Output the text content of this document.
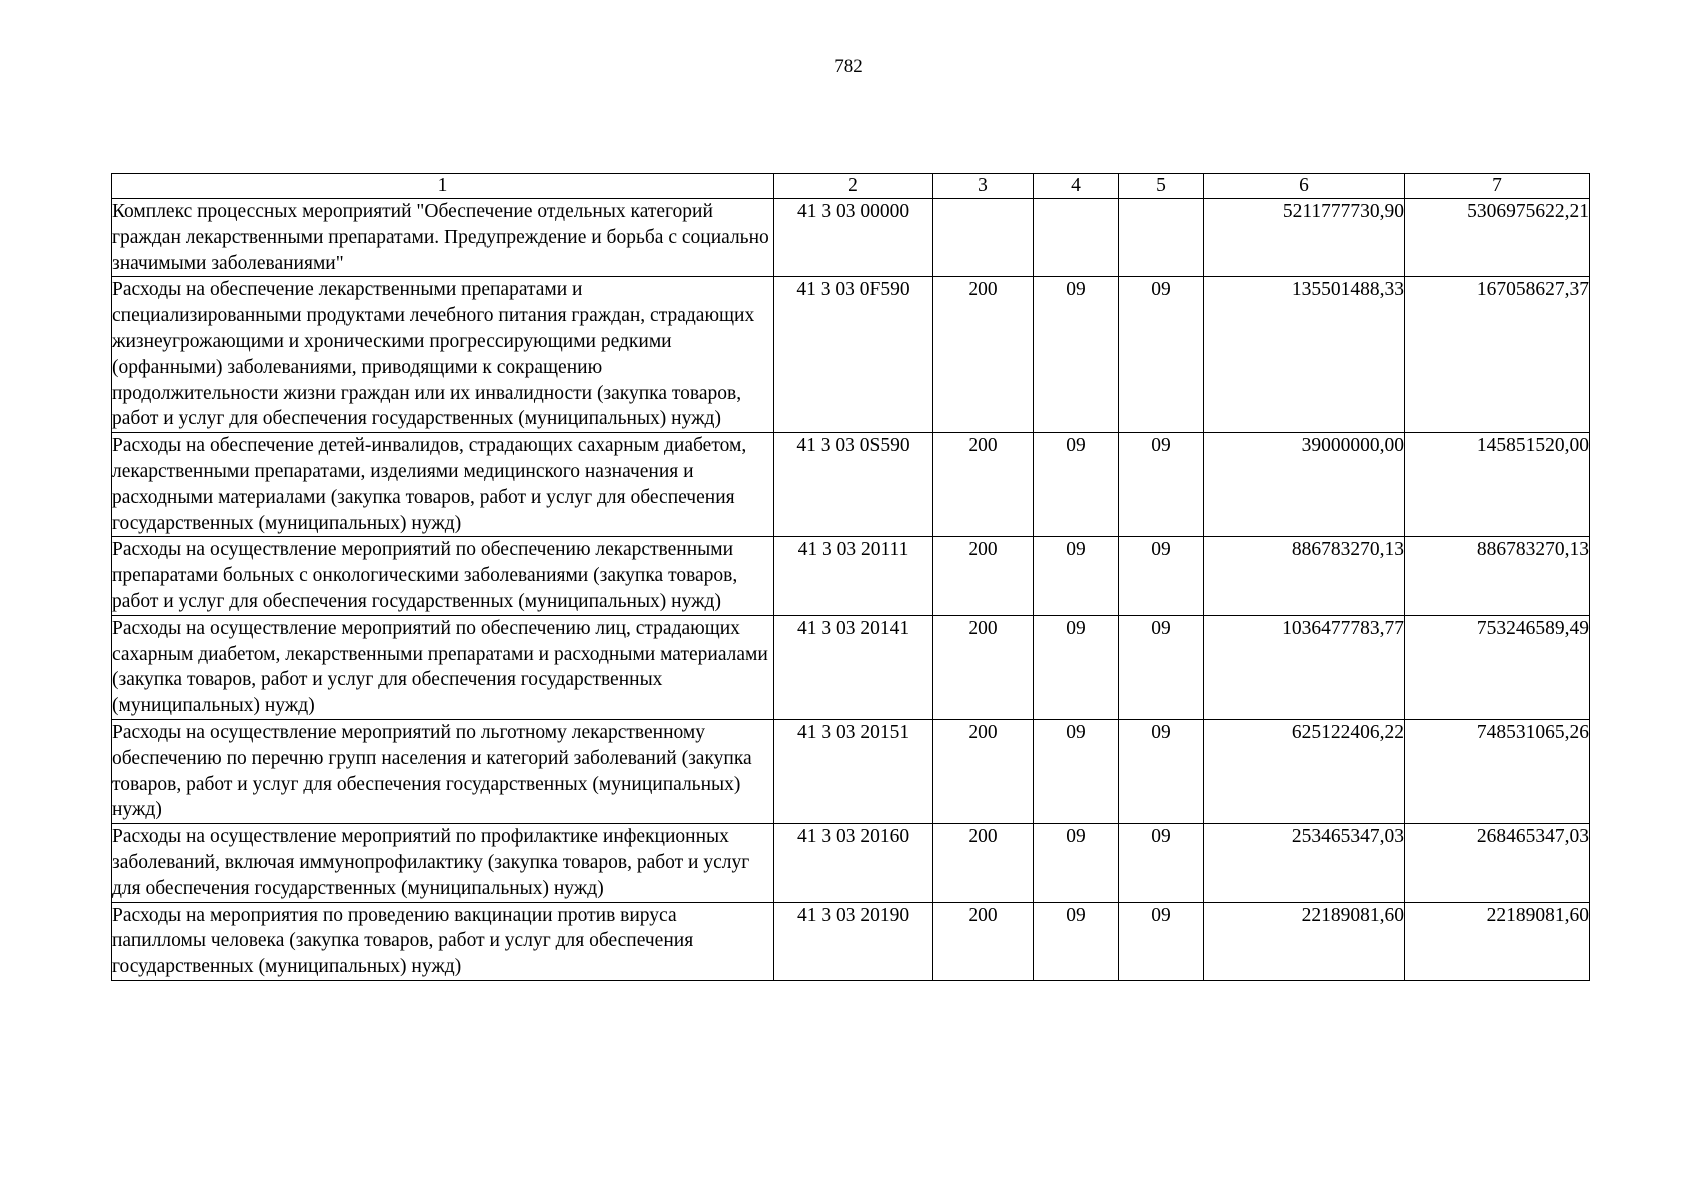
782
1	2	3	4	5	6	7
Комплекс процессных мероприятий "Обеспечение отдельных категорий граждан лекарственными препаратами. Предупреждение и борьба с социально значимыми заболеваниями"	41 3 03 00000				5211777730,90	5306975622,21
Расходы на обеспечение лекарственными препаратами и специализированными продуктами лечебного питания граждан, страдающих жизнеугрожающими и хроническими прогрессирующими редкими (орфанными) заболеваниями, приводящими к сокращению продолжительности жизни граждан или их инвалидности (закупка товаров, работ и услуг для обеспечения государственных (муниципальных) нужд)	41 3 03 0F590	200	09	09	135501488,33	167058627,37
Расходы на обеспечение детей-инвалидов, страдающих сахарным диабетом, лекарственными препаратами, изделиями медицинского назначения и расходными материалами (закупка товаров, работ и услуг для обеспечения государственных (муниципальных) нужд)	41 3 03 0S590	200	09	09	39000000,00	145851520,00
Расходы на осуществление мероприятий по обеспечению лекарственными препаратами больных с онкологическими заболеваниями (закупка товаров, работ и услуг для обеспечения государственных (муниципальных) нужд)	41 3 03 20111	200	09	09	886783270,13	886783270,13
Расходы на осуществление мероприятий по обеспечению лиц, страдающих сахарным диабетом, лекарственными препаратами и расходными материалами (закупка товаров, работ и услуг для обеспечения государственных (муниципальных) нужд)	41 3 03 20141	200	09	09	1036477783,77	753246589,49
Расходы на осуществление мероприятий по льготному лекарственному обеспечению по перечню групп населения и категорий заболеваний (закупка товаров, работ и услуг для обеспечения государственных (муниципальных) нужд)	41 3 03 20151	200	09	09	625122406,22	748531065,26
Расходы на осуществление мероприятий по профилактике инфекционных заболеваний, включая иммунопрофилактику (закупка товаров, работ и услуг для обеспечения государственных (муниципальных) нужд)	41 3 03 20160	200	09	09	253465347,03	268465347,03
Расходы на мероприятия по проведению вакцинации против вируса папилломы человека (закупка товаров, работ и услуг для обеспечения государственных (муниципальных) нужд)	41 3 03 20190	200	09	09	22189081,60	22189081,60
